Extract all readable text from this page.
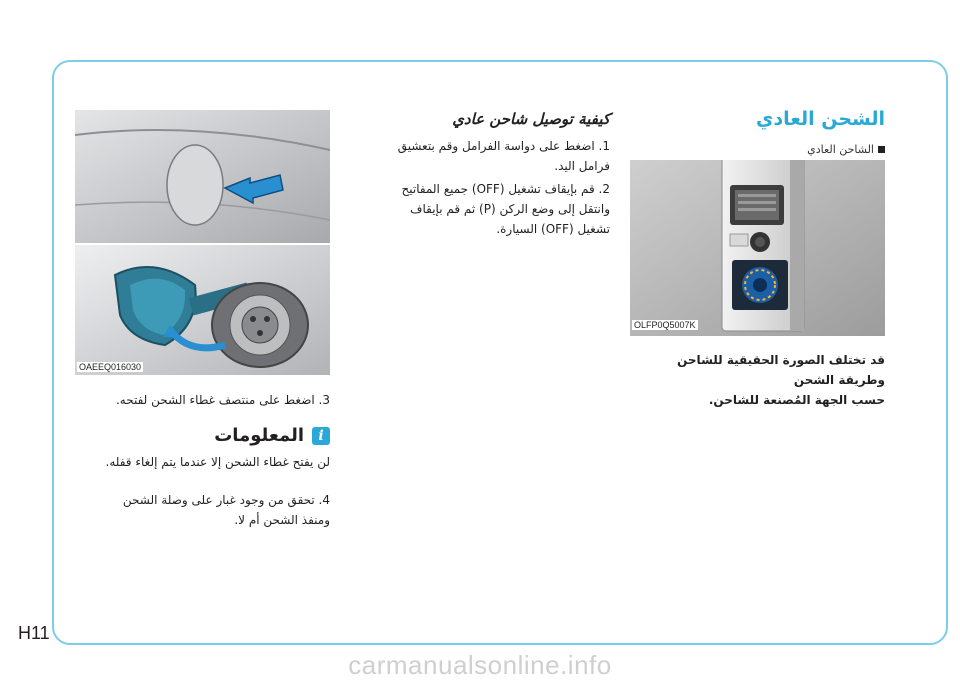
الشحن العادي
الشاحن العادي
OLFP0Q5007K
قد تختلف الصورة الحقيقية للشاحن وطريقة الشحن
حسب الجهة المُصنعة للشاحن.
كيفية توصيل شاحن عادي

1. اضغط على دواسة الفرامل وقم بتعشيق
فرامل اليد.

2. قم بإيقاف تشغيل (OFF) جميع المفاتيح
وانتقل إلى وضع الركن (P) ثم قم بإيقاف
تشغيل (OFF) السيارة.

OAEEQ016030
3. اضغط على منتصف غطاء الشحن لفتحه.
i
المعلومات
لن يفتح غطاء الشحن إلا عندما يتم إلغاء قفله.
4. تحقق من وجود غبار على وصلة الشحن
ومنفذ الشحن أم لا.
H11
carmanualsonline.info
